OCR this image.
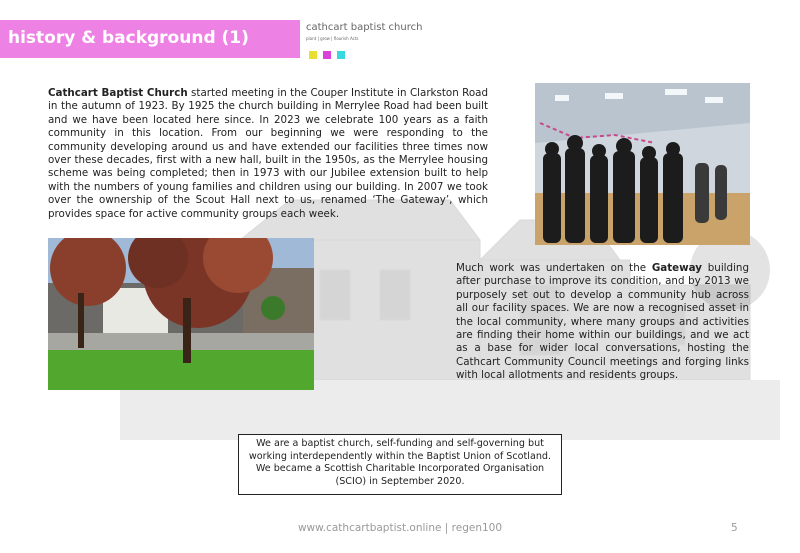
history & background (1)
cathcart baptist church
plant | grow | flourish Acts
Cathcart Baptist Church started meeting in the Couper Institute in Clarkston Road in the autumn of 1923. By 1925 the church building in Merrylee Road had been built and we have been located here since. In 2023 we celebrate 100 years as a faith community in this location. From our beginning we were responding to the community developing around us and have extended our facilities three times now over these decades, first with a new hall, built in the 1950s, as the Merrylee housing scheme was being completed; then in 1973 with our Jubilee extension built to help with the numbers of young families and children using our building. In 2007 we took over the ownership of the Scout Hall next to us, renamed ‘The Gateway’, which provides space for active community groups each week.
Much work was undertaken on the Gateway building after purchase to improve its condition, and by 2013 we purposely set out to develop a community hub across all our facility spaces. We are now a recognised asset in the local community, where many groups and activities are finding their home within our buildings, and we act as a base for wider local conversations, hosting the Cathcart Community Council meetings and forging links with local allotments and residents groups.
We are a baptist church, self-funding and self-governing but working interdependently within the Baptist Union of Scotland. We became a Scottish Charitable Incorporated Organisation (SCIO) in September 2020.
www.cathcartbaptist.online | regen100	5
